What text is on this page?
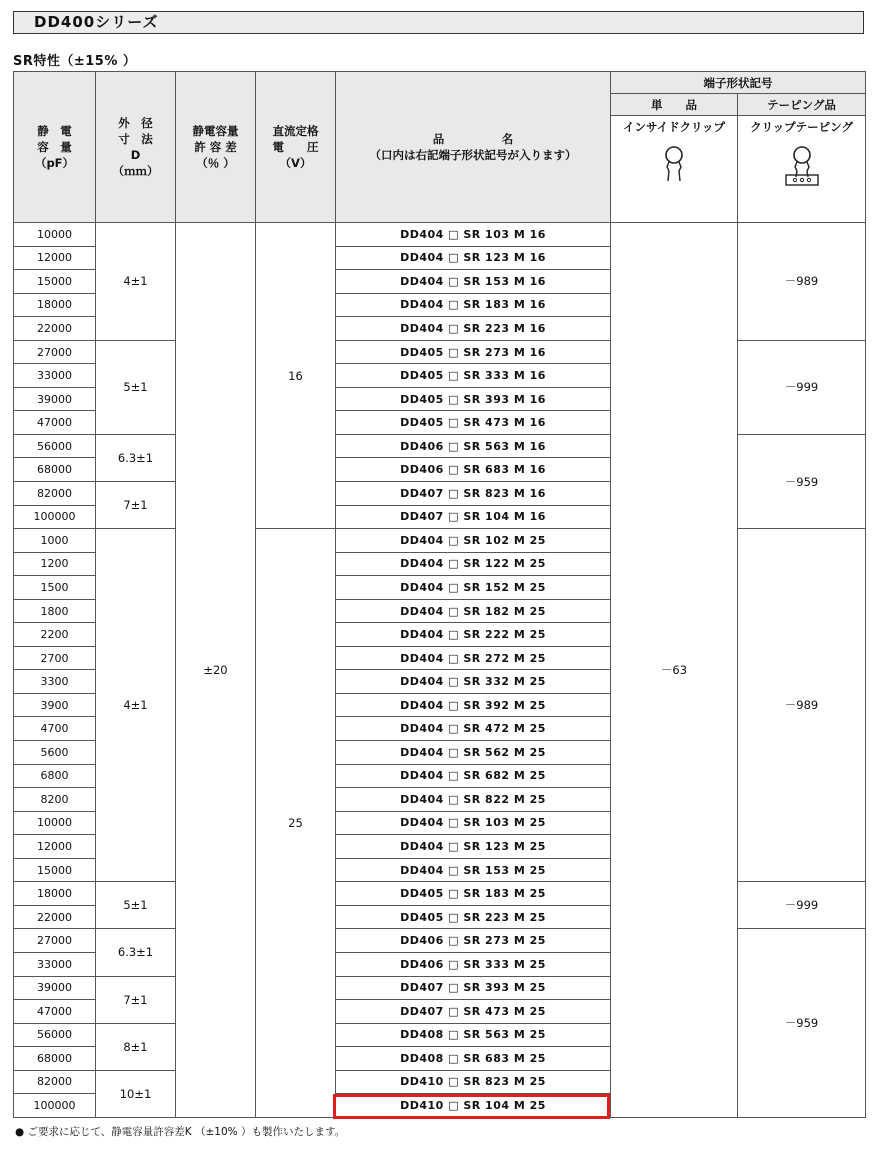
DD400シリーズ
SR特性（±15% ）
静　電
容　量
（pF）	外　径
寸　法
D
（ｍｍ）	静電容量
許 容 差
（％ ）	直流定格
電　　圧
（V）	品　　　　　名
（口内は右記端子形状記号が入ります）	端子形状記号	
					単　　品	テーピング品

					インサイドクリップ	クリップテーピング

10000	4±1	±20	16	DD404 □ SR 103 M 16	－63	－989
12000				DD404 □ SR 123 M 16		
15000				DD404 □ SR 153 M 16		
18000				DD404 □ SR 183 M 16		
22000				DD404 □ SR 223 M 16		
27000	5±1			DD405 □ SR 273 M 16		－999
33000				DD405 □ SR 333 M 16		
39000				DD405 □ SR 393 M 16		
47000				DD405 □ SR 473 M 16		
56000	6.3±1			DD406 □ SR 563 M 16		－959
68000				DD406 □ SR 683 M 16		
82000	7±1			DD407 □ SR 823 M 16		
100000				DD407 □ SR 104 M 16		
1000	4±1		25	DD404 □ SR 102 M 25		－989
1200				DD404 □ SR 122 M 25		
1500				DD404 □ SR 152 M 25		
1800				DD404 □ SR 182 M 25		
2200				DD404 □ SR 222 M 25		
2700				DD404 □ SR 272 M 25		
3300				DD404 □ SR 332 M 25		
3900				DD404 □ SR 392 M 25		
4700				DD404 □ SR 472 M 25		
5600				DD404 □ SR 562 M 25		
6800				DD404 □ SR 682 M 25		
8200				DD404 □ SR 822 M 25		
10000				DD404 □ SR 103 M 25		
12000				DD404 □ SR 123 M 25		
15000				DD404 □ SR 153 M 25		
18000	5±1			DD405 □ SR 183 M 25		－999
22000				DD405 □ SR 223 M 25		
27000	6.3±1			DD406 □ SR 273 M 25		－959
33000				DD406 □ SR 333 M 25		
39000	7±1			DD407 □ SR 393 M 25		
47000				DD407 □ SR 473 M 25		
56000	8±1			DD408 □ SR 563 M 25		
68000				DD408 □ SR 683 M 25		
82000	10±1			DD410 □ SR 823 M 25		
100000				DD410 □ SR 104 M 25		
● ご要求に応じて、静電容量許容差K （±10% ）も製作いたします。
